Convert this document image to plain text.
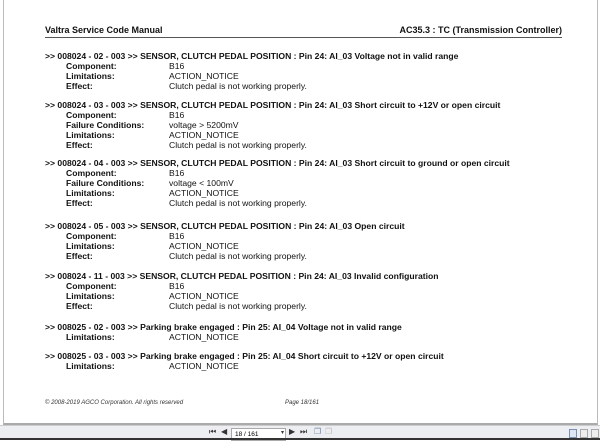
Valtra Service Code Manual	AC35.3 : TC (Transmission Controller)
>> 008024 - 02 - 003 >> SENSOR, CLUTCH PEDAL POSITION : Pin 24: AI_03 Voltage not in valid range
Component:	B16
Limitations:	ACTION_NOTICE
Effect:	Clutch pedal is not working properly.
>> 008024 - 03 - 003 >> SENSOR, CLUTCH PEDAL POSITION : Pin 24: AI_03 Short circuit to +12V or open circuit
Component:	B16
Failure Conditions:	voltage > 5200mV
Limitations:	ACTION_NOTICE
Effect:	Clutch pedal is not working properly.
>> 008024 - 04 - 003 >> SENSOR, CLUTCH PEDAL POSITION : Pin 24: AI_03 Short circuit to ground or open circuit
Component:	B16
Failure Conditions:	voltage < 100mV
Limitations:	ACTION_NOTICE
Effect:	Clutch pedal is not working properly.
>> 008024 - 05 - 003 >> SENSOR, CLUTCH PEDAL POSITION : Pin 24: AI_03 Open circuit
Component:	B16
Limitations:	ACTION_NOTICE
Effect:	Clutch pedal is not working properly.
>> 008024 - 11 - 003 >> SENSOR, CLUTCH PEDAL POSITION : Pin 24: AI_03 Invalid configuration
Component:	B16
Limitations:	ACTION_NOTICE
Effect:	Clutch pedal is not working properly.
>> 008025 - 02 - 003 >> Parking brake engaged : Pin 25: AI_04 Voltage not in valid range
Limitations:	ACTION_NOTICE
>> 008025 - 03 - 003 >> Parking brake engaged : Pin 25: AI_04 Short circuit to +12V or open circuit
Limitations:	ACTION_NOTICE
© 2008-2019 AGCO Corporation. All rights reserved	Page 18/161
⏮ ◀
18 / 161	▾ ▶ ⏭ ❐ ❐
